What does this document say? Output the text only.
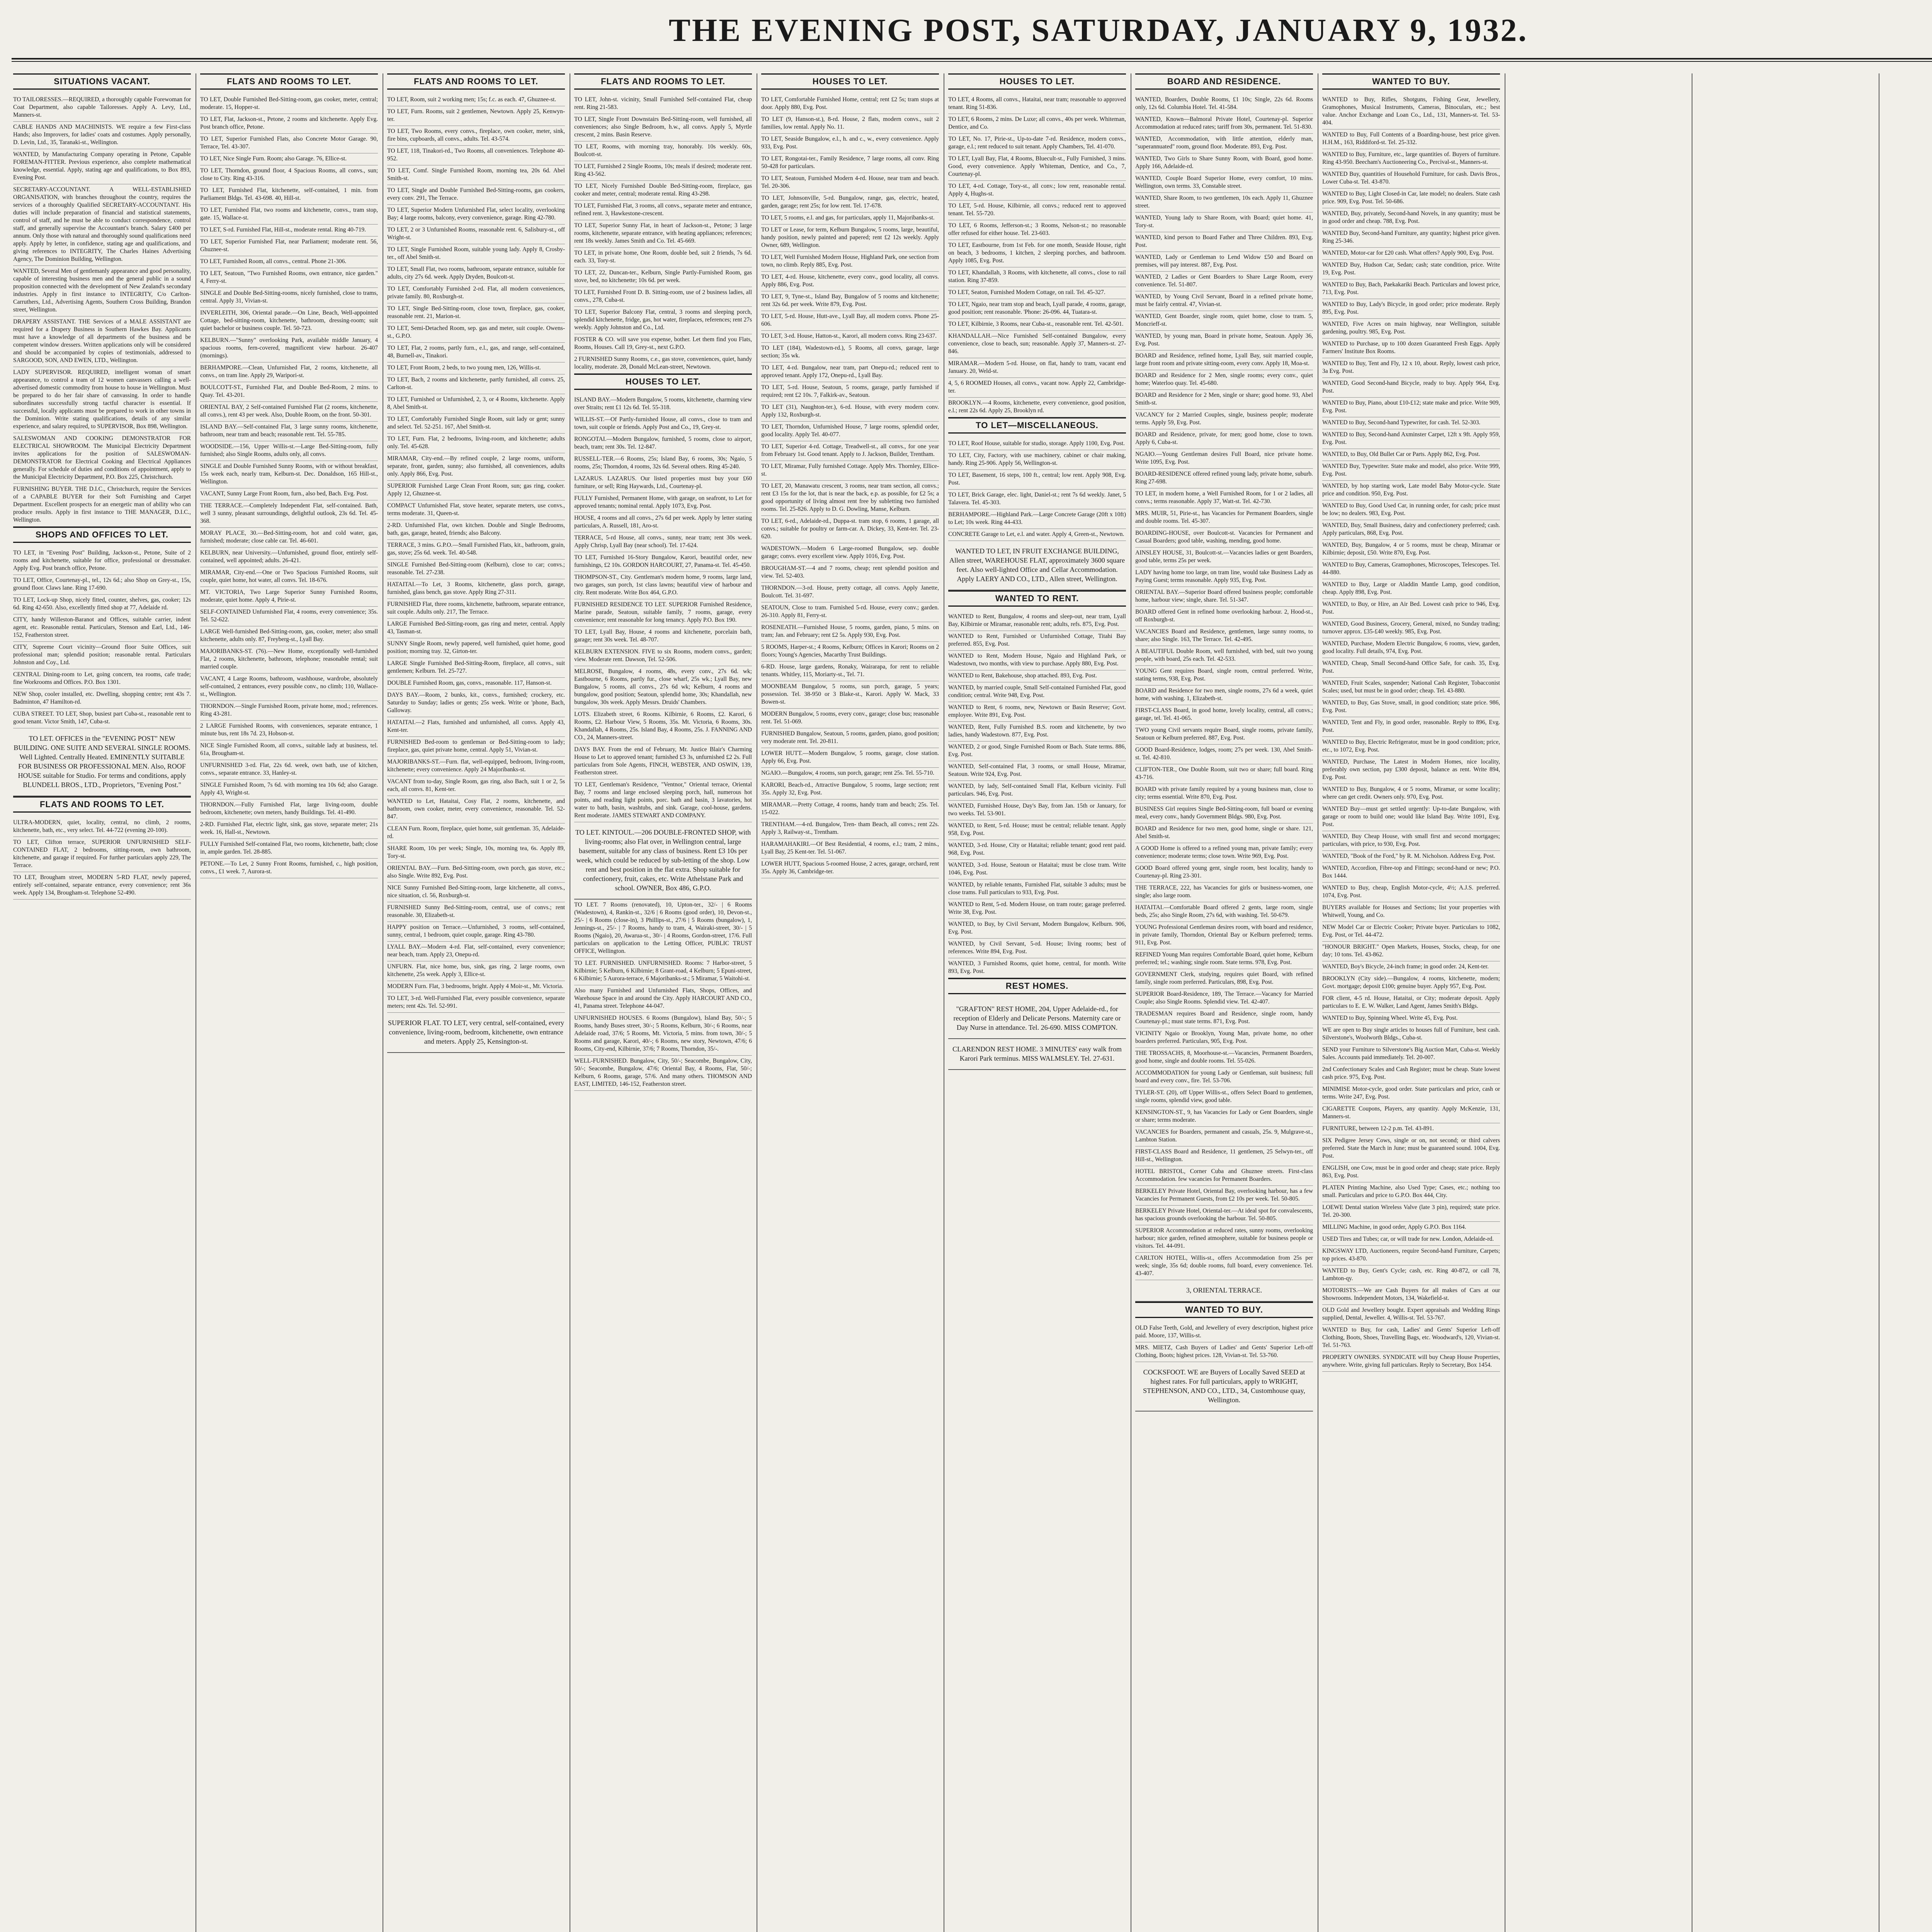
THE EVENING POST, SATURDAY, JANUARY 9, 1932.
SITUATIONS VACANT.

TO TAILORESSES.—REQUIRED, a thoroughly capable Forewoman for Coat Department, also capable Tailoresses. Apply A. Levy, Ltd., Manners-st.

CABLE HANDS AND MACHINISTS. WE require a few First-class Hands; also Improvers, for ladies' coats and costumes. Apply personally, D. Levin, Ltd., 35, Taranaki-st., Wellington.

WANTED, by Manufacturing Company operating in Petone, Capable FOREMAN-FITTER. Previous experience, also complete mathematical knowledge, essential. Apply, stating age and qualifications, to Box 893, Evening Post.

SECRETARY-ACCOUNTANT. A WELL-ESTABLISHED ORGANISATION, with branches throughout the country, requires the services of a thoroughly Qualified SECRETARY-ACCOUNTANT. His duties will include preparation of financial and statistical statements, control of staff, and he must be able to conduct correspondence, control staff, and generally supervise the Accountant's branch. Salary £400 per annum. Only those with natural and thoroughly sound qualifications need apply. Apply by letter, in confidence, stating age and qualifications, and giving references to INTEGRITY, The Charles Haines Advertising Agency, The Dominion Building, Wellington.

WANTED, Several Men of gentlemanly appearance and good personality, capable of interesting business men and the general public in a sound proposition connected with the development of New Zealand's secondary industries. Apply in first instance to INTEGRITY, C/o Carlton-Carruthers, Ltd., Advertising Agents, Southern Cross Building, Brandon street, Wellington.

DRAPERY ASSISTANT. THE Services of a MALE ASSISTANT are required for a Drapery Business in Southern Hawkes Bay. Applicants must have a knowledge of all departments of the business and be competent window dressers. Written applications only will be considered and should be accompanied by copies of testimonials, addressed to SARGOOD, SON, AND EWEN, LTD., Wellington.

LADY SUPERVISOR. REQUIRED, intelligent woman of smart appearance, to control a team of 12 women canvassers calling a well-advertised domestic commodity from house to house in Wellington. Must be prepared to do her fair share of canvassing. In order to handle subordinates successfully strong tactful character is essential. If successful, locally applicants must be prepared to work in other towns in the Dominion. Write stating qualifications, details of any similar experience, and salary required, to SUPERVISOR, Box 898, Wellington.

SALESWOMAN AND COOKING DEMONSTRATOR FOR ELECTRICAL SHOWROOM. The Municipal Electricity Department invites applications for the position of SALESWOMAN-DEMONSTRATOR for Electrical Cooking and Electrical Appliances generally. For schedule of duties and conditions of appointment, apply to the Municipal Electricity Department, P.O. Box 225, Christchurch.

FURNISHING BUYER. THE D.I.C., Christchurch, require the Services of a CAPABLE BUYER for their Soft Furnishing and Carpet Department. Excellent prospects for an energetic man of ability who can produce results. Apply in first instance to THE MANAGER, D.I.C., Wellington.

SHOPS AND OFFICES TO LET.

TO LET, in "Evening Post" Building, Jackson-st., Petone, Suite of 2 rooms and kitchenette, suitable for office, professional or dressmaker. Apply Evg. Post branch office, Petone.

TO LET, Office, Courtenay-pl., tel., 12s 6d.; also Shop on Grey-st., 15s, ground floor. Claws lane. Ring 17-690.

TO LET, Lock-up Shop, nicely fitted, counter, shelves, gas, cooker; 12s 6d. Ring 42-650. Also, excellently fitted shop at 77, Adelaide rd.

CITY, handy Willeston-Baranot and Offices, suitable carrier, indent agent, etc. Reasonable rental. Particulars, Stenson and Earl, Ltd., 146-152, Featherston street.

CITY, Supreme Court vicinity—Ground floor Suite Offices, suit professional man; splendid position; reasonable rental. Particulars Johnston and Coy., Ltd.

CENTRAL Dining-room to Let, going concern, tea rooms, cafe trade; fine Workrooms and Offices. P.O. Box 1301.

NEW Shop, cooler installed, etc. Dwelling, shopping centre; rent 43s 7. Badminton, 47 Hamilton-rd.

CUBA STREET. TO LET, Shop, busiest part Cuba-st., reasonable rent to good tenant. Victor Smith, 147, Cuba-st.

TO LET. OFFICES in the "EVENING POST" NEW BUILDING. ONE SUITE AND SEVERAL SINGLE ROOMS. Well Lighted. Centrally Heated. EMINENTLY SUITABLE FOR BUSINESS OR PROFESSIONAL MEN. Also, ROOF HOUSE suitable for Studio. For terms and conditions, apply BLUNDELL BROS., LTD., Proprietors, "Evening Post."

FLATS AND ROOMS TO LET.

ULTRA-MODERN, quiet, locality, central, no climb, 2 rooms, kitchenette, bath, etc., very select. Tel. 44-722 (evening 20-100).

TO LET, Clifton terrace, SUPERIOR UNFURNISHED SELF-CONTAINED FLAT, 2 bedrooms, sitting-room, own bathroom, kitchenette, and garage if required. For further particulars apply 229, The Terrace.

TO LET, Brougham street, MODERN 5-RD FLAT, newly papered, entirely self-contained, separate entrance, every convenience; rent 36s week. Apply 134, Brougham-st. Telephone 52-490.

FLATS AND ROOMS TO LET.

TO LET, Double Furnished Bed-Sitting-room, gas cooker, meter, central; moderate. 15, Hopper-st.

TO LET, Flat, Jackson-st., Petone, 2 rooms and kitchenette. Apply Evg. Post branch office, Petone.

TO LET, Superior Furnished Flats, also Concrete Motor Garage. 90, Terrace, Tel. 43-307.

TO LET, Nice Single Furn. Room; also Garage. 76, Ellice-st.

TO LET, Thorndon, ground floor, 4 Spacious Rooms, all convs., sun; close to City. Ring 43-316.

TO LET, Furnished Flat, kitchenette, self-contained, 1 min. from Parliament Bldgs. Tel. 43-698. 40, Hill-st.

TO LET, Furnished Flat, two rooms and kitchenette, convs., tram stop, gate. 15, Wallace-st.

TO LET, S-rd. Furnished Flat, Hill-st., moderate rental. Ring 40-719.

TO LET, Superior Furnished Flat, near Parliament; moderate rent. 56, Ghuznee-st.

TO LET, Furnished Room, all convs., central. Phone 21-306.

TO LET, Seatoun, "Two Furnished Rooms, own entrance, nice garden." 4, Ferry-st.

SINGLE and Double Bed-Sitting-rooms, nicely furnished, close to trams, central. Apply 31, Vivian-st.

INVERLEITH, 306, Oriental parade.—On Line, Beach, Well-appointed Cottage, bed-sitting-room, kitchenette, bathroom, dressing-room; suit quiet bachelor or business couple. Tel. 50-723.

KELBURN.—"Sunny" overlooking Park, available middle January, 4 spacious rooms, fern-covered, magnificent view harbour. 26-407 (mornings).

BERHAMPORE.—Clean, Unfurnished Flat, 2 rooms, kitchenette, all convs., on tram line. Apply 29, Waripori-st.

BOULCOTT-ST., Furnished Flat, and Double Bed-Room, 2 mins. to Quay. Tel. 43-201.

ORIENTAL BAY, 2 Self-contained Furnished Flat (2 rooms, kitchenette, all convs.), rent 43 per week. Also, Double Room, on the front. 50-301.

ISLAND BAY.—Self-contained Flat, 3 large sunny rooms, kitchenette, bathroom, near tram and beach; reasonable rent. Tel. 55-785.

WOODSIDE.—156, Upper Willis-st.—Large Bed-Sitting-room, fully furnished; also Single Rooms, adults only, all convs.

SINGLE and Double Furnished Sunny Rooms, with or without breakfast, 15s week each, nearly tram, Kelburn-st. Dec. Donaldson, 165 Hill-st., Wellington.

VACANT, Sunny Large Front Room, furn., also bed, Bach. Evg. Post.

THE TERRACE.—Completely Independent Flat, self-contained. Bath, well 3 sunny, pleasant surroundings, delightful outlook, 23s 6d. Tel. 45-368.

MORAY PLACE, 30.—Bed-Sitting-room, hot and cold water, gas, furnished; moderate; close cable car. Tel. 46-601.

KELBURN, near University.—Unfurnished, ground floor, entirely self-contained, well appointed; adults. 26-421.

MIRAMAR, City-end.—One or Two Spacious Furnished Rooms, suit couple, quiet home, hot water, all convs. Tel. 18-676.

MT. VICTORIA, Two Large Superior Sunny Furnished Rooms, moderate, quiet home. Apply 4, Pirie-st.

SELF-CONTAINED Unfurnished Flat, 4 rooms, every convenience; 35s. Tel. 52-622.

LARGE Well-furnished Bed-Sitting-room, gas, cooker, meter; also small kitchenette, adults only. 87, Freyberg-st., Lyall Bay.

MAJORIBANKS-ST. (76).—New Home, exceptionally well-furnished Flat, 2 rooms, kitchenette, bathroom, telephone; reasonable rental; suit married couple.

VACANT, 4 Large Rooms, bathroom, washhouse, wardrobe, absolutely self-contained, 2 entrances, every possible conv., no climb; 110, Wallace-st., Wellington.

THORNDON.—Single Furnished Room, private home, mod.; references. Ring 43-281.

2 LARGE Furnished Rooms, with conveniences, separate entrance, 1 minute bus, rent 18s 7d. 23, Hobson-st.

NICE Single Furnished Room, all convs., suitable lady at business, tel. 61a, Brougham-st.

UNFURNISHED 3-rd. Flat, 22s 6d. week, own bath, use of kitchen, convs., separate entrance. 33, Hanley-st.

SINGLE Furnished Room, 7s 6d. with morning tea 10s 6d; also Garage. Apply 43, Wright-st.

THORNDON.—Fully Furnished Flat, large living-room, double bedroom, kitchenette; own meters, handy Buildings. Tel. 41-490.

2-RD. Furnished Flat, electric light, sink, gas stove, separate meter; 21s week. 16, Hall-st., Newtown.

FULLY Furnished Self-contained Flat, two rooms, kitchenette, bath; close in, ample garden. Tel. 28-885.

PETONE.—To Let, 2 Sunny Front Rooms, furnished, c., high position, convs., £1 week. 7, Aurora-st.

FLATS AND ROOMS TO LET.

TO LET, Room, suit 2 working men; 15s; f.c. as each. 47, Ghuznee-st.

TO LET, Furn. Rooms, suit 2 gentlemen, Newtown. Apply 25, Kenwyn-ter.

TO LET, Two Rooms, every convs., fireplace, own cooker, meter, sink, fire bins, cupboards, all convs., adults. Tel. 43-574.

TO LET, 118, Tinakori-rd., Two Rooms, all conveniences. Telephone 40-952.

TO LET, Comf. Single Furnished Room, morning tea, 20s 6d. Abel Smith-st.

TO LET, Single and Double Furnished Bed-Sitting-rooms, gas cookers, every conv. 291, The Terrace.

TO LET, Superior Modern Unfurnished Flat, select locality, overlooking Bay; 4 large rooms, balcony, every convenience, garage. Ring 42-780.

TO LET, 2 or 3 Unfurnished Rooms, reasonable rent. 6, Salisbury-st., off Wright-st.

TO LET, Single Furnished Room, suitable young lady. Apply 8, Crosby-ter., off Abel Smith-st.

TO LET, Small Flat, two rooms, bathroom, separate entrance, suitable for adults, city 27s 6d. week. Apply Dryden, Boulcott-st.

TO LET, Comfortably Furnished 2-rd. Flat, all modern conveniences, private family. 80, Roxburgh-st.

TO LET, Single Bed-Sitting-room, close town, fireplace, gas, cooker, reasonable rent. 21, Marion-st.

TO LET, Semi-Detached Room, sep. gas and meter, suit couple. Owens-st., G.P.O.

TO LET, Flat, 2 rooms, partly furn., e.l., gas, and range, self-contained, 48, Burnell-av., Tinakori.

TO LET, Front Room, 2 beds, to two young men, 126, Willis-st.

TO LET, Bach, 2 rooms and kitchenette, partly furnished, all convs. 25, Carlton-st.

TO LET, Furnished or Unfurnished, 2, 3, or 4 Rooms, kitchenette. Apply 8, Abel Smith-st.

TO LET, Comfortably Furnished Single Room, suit lady or gent; sunny and select. Tel. 52-251. 167, Abel Smith-st.

TO LET, Furn. Flat, 2 bedrooms, living-room, and kitchenette; adults only. Tel. 45-628.

MIRAMAR, City-end.—By refined couple, 2 large rooms, uniform, separate, front, garden, sunny; also furnished, all conveniences, adults only. Apply 866, Evg. Post.

SUPERIOR Furnished Large Clean Front Room, sun; gas ring, cooker. Apply 12, Ghuznee-st.

COMPACT Unfurnished Flat, stove heater, separate meters, use convs., terms moderate. 31, Queen-st.

2-RD. Unfurnished Flat, own kitchen. Double and Single Bedrooms, bath, gas, garage, heated, friends; also Balcony.

TERRACE, 3 mins. G.P.O.—Small Furnished Flats, kit., bathroom, grain, gas, stove; 25s 6d. week. Tel. 40-548.

SINGLE Furnished Bed-Sitting-room (Kelburn), close to car; convs.; reasonable. Tel. 27-238.

HATAITAI.—To Let, 3 Rooms, kitchenette, glass porch, garage, furnished, glass bench, gas stove. Apply Ring 27-311.

FURNISHED Flat, three rooms, kitchenette, bathroom, separate entrance, suit couple. Adults only. 217, The Terrace.

LARGE Furnished Bed-Sitting-room, gas ring and meter, central. Apply 43, Tasman-st.

SUNNY Single Room, newly papered, well furnished, quiet home, good position; morning tray. 32, Girton-ter.

LARGE Single Furnished Bed-Sitting-Room, fireplace, all convs., suit gentlemen; Kelburn. Tel. 25-727.

DOUBLE Furnished Room, gas, convs., reasonable. 117, Hanson-st.

DAYS BAY.—Room, 2 bunks, kit., convs., furnished; crockery, etc. Saturday to Sunday; ladies or gents; 25s week. Write or 'phone, Bach, Galloway.

HATAITAI.—2 Flats, furnished and unfurnished, all convs. Apply 43, Kent-ter.

FURNISHED Bed-room to gentleman or Bed-Sitting-room to lady; fireplace, gas, quiet private home, central. Apply 51, Vivian-st.

MAJORIBANKS-ST.—Furn. flat, well-equipped, bedroom, living-room, kitchenette; every convenience. Apply 24 Majoribanks-st.

VACANT from to-day, Single Room, gas ring, also Bach, suit 1 or 2, 5s each, all convs. 81, Kent-ter.

WANTED to Let, Hataitai, Cosy Flat, 2 rooms, kitchenette, and bathroom, own cooker, meter, every convenience, reasonable. Tel. 52-847.

CLEAN Furn. Room, fireplace, quiet home, suit gentleman. 35, Adelaide-rd.

SHARE Room, 10s per week; Single, 10s, morning tea, 6s. Apply 89, Tory-st.

ORIENTAL BAY.—Furn. Bed-Sitting-room, own porch, gas stove, etc.; also Single. Write 892, Evg. Post.

NICE Sunny Furnished Bed-Sitting-room, large kitchenette, all convs., nice situation, cl. 56, Roxburgh-st.

FURNISHED Sunny Bed-Sitting-room, central, use of convs.; rent reasonable. 30, Elizabeth-st.

HAPPY position on Terrace.—Unfurnished, 3 rooms, self-contained, sunny, central, 1 bedroom, quiet couple, garage. Ring 43-780.

LYALL BAY.—Modern 4-rd. Flat, self-contained, every convenience; near beach, tram. Apply 23, Onepu-rd.

UNFURN. Flat, nice home, bus, sink, gas ring, 2 large rooms, own kitchenette, 25s week. Apply 3, Ellice-st.

MODERN Furn. Flat, 3 bedrooms, bright. Apply 4 Moir-st., Mt. Victoria.

TO LET, 3-rd. Well-Furnished Flat, every possible convenience, separate meters; rent 42s. Tel. 52-991.

SUPERIOR FLAT. TO LET, very central, self-contained, every convenience, living-room, bedroom, kitchenette, own entrance and meters. Apply 25, Kensington-st.

FLATS AND ROOMS TO LET.

TO LET, John-st. vicinity, Small Furnished Self-contained Flat, cheap rent. Ring 21-583.

TO LET, Single Front Downstairs Bed-Sitting-room, well furnished, all conveniences; also Single Bedroom, h.w., all convs. Apply 5, Myrtle crescent, 2 mins. Basin Reserve.

TO LET, Rooms, with morning tray, honorably. 10s weekly. 60s, Boulcott-st.

TO LET, Furnished 2 Single Rooms, 10s; meals if desired; moderate rent. Ring 43-562.

TO LET, Nicely Furnished Double Bed-Sitting-room, fireplace, gas cooker and meter, central; moderate rental. Ring 43-298.

TO LET, Furnished Flat, 3 rooms, all convs., separate meter and entrance, refined rent. 3, Hawkestone-crescent.

TO LET, Superior Sunny Flat, in heart of Jackson-st., Petone; 3 large rooms, kitchenette, separate entrance, with heating appliances; references; rent 18s weekly. James Smith and Co. Tel. 45-669.

TO LET, in private home, One Room, double bed, suit 2 friends, 7s 6d. each. 33, Tory-st.

TO LET, 22, Duncan-ter., Kelburn, Single Partly-Furnished Room, gas stove, bed, no kitchenette; 10s 6d. per week.

TO LET, Furnished Front D. B. Sitting-room, use of 2 business ladies, all convs., 278, Cuba-st.

TO LET, Superior Balcony Flat, central, 3 rooms and sleeping porch, splendid kitchenette, fridge, gas, hot water, fireplaces, references; rent 27s weekly. Apply Johnston and Co., Ltd.

FOSTER & CO. will save you expense, bother. Let them find you Flats, Rooms, Houses. Call 19, Grey-st., next G.P.O.

2 FURNISHED Sunny Rooms, c.e., gas stove, conveniences, quiet, handy locality, moderate. 28, Donald McLean-street, Newtown.

HOUSES TO LET.

ISLAND BAY.—Modern Bungalow, 5 rooms, kitchenette, charming view over Straits; rent £1 12s 6d. Tel. 55-318.

WILLIS-ST.—Of Partly-furnished House, all convs., close to tram and town, suit couple or friends. Apply Post and Co., 19, Grey-st.

RONGOTAI.—Modern Bungalow, furnished, 5 rooms, close to airport, beach, tram; rent 30s. Tel. 12-847.

RUSSELL-TER.—6 Rooms, 25s; Island Bay, 6 rooms, 30s; Ngaio, 5 rooms, 25s; Thorndon, 4 rooms, 32s 6d. Several others. Ring 45-240.

LAZARUS. LAZARUS. Our listed properties must buy your £60 furniture, or sell; Ring Haywards, Ltd., Courtenay-pl.

FULLY Furnished, Permanent Home, with garage, on seafront, to Let for approved tenants; nominal rental. Apply 1073, Evg. Post.

HOUSE, 4 rooms and all convs., 27s 6d per week. Apply by letter stating particulars, A. Russell, 181, Aro-st.

TERRACE, 5-rd House, all convs., sunny, near tram; rent 30s week. Apply Chrisp, Lyall Bay (near school). Tel. 17-624.

TO LET, Furnished 16-Story Bungalow, Karori, beautiful order, new furnishings, £2 10s. GORDON HARCOURT, 27, Panama-st. Tel. 45-450.

THOMPSON-ST., City. Gentleman's modern home, 9 rooms, large land, two garages, sun porch, 1st class lawns; beautiful view of harbour and city. Rent moderate. Write Box 464, G.P.O.

FURNISHED RESIDENCE TO LET. SUPERIOR Furnished Residence, Marine parade, Seatoun, suitable family, 7 rooms, garage, every convenience; rent reasonable for long tenancy. Apply P.O. Box 190.

TO LET, Lyall Bay, House, 4 rooms and kitchenette, porcelain bath, garage; rent 30s week. Tel. 48-707.

KELBURN EXTENSION. FIVE to six Rooms, modern convs., garden; view. Moderate rent. Dawson, Tel. 52-506.

MELROSE, Bungalow, 4 rooms, 48s, every conv., 27s 6d. wk; Eastbourne, 6 Rooms, partly fur., close wharf, 25s wk.; Lyall Bay, new Bungalow, 5 rooms, all convs., 27s 6d wk; Kelburn, 4 rooms and bungalow, good position; Seatoun, splendid home, 30s; Khandallah, new bungalow, 30s week. Apply Messrs. Druids' Chambers.

LOTS. Elizabeth street, 6 Rooms. Kilbirnie, 6 Rooms, £2. Karori, 6 Rooms, £2. Harbour View, 5 Rooms, 35s. Mt. Victoria, 6 Rooms, 30s. Khandallah, 4 Rooms, 25s. Island Bay, 4 Rooms, 25s. J. FANNING AND CO., 24, Manners-street.

DAYS BAY. From the end of February, Mr. Justice Blair's Charming House to Let to approved tenant; furnished £3 3s, unfurnished £2 2s. Full particulars from Sole Agents, FINCH, WEBSTER, AND OSWIN, 139, Featherston street.

TO LET, Gentleman's Residence, "Ventnor," Oriental terrace, Oriental Bay, 7 rooms and large enclosed sleeping porch, hall, numerous hot points, and reading light points, porc. bath and basin, 3 lavatories, hot water to bath, basin, washtubs, and sink. Garage, cool-house, gardens. Rent moderate. JAMES STEWART AND COMPANY.

TO LET. KINTOUL.—206 DOUBLE-FRONTED SHOP, with living-rooms; also Flat over, in Wellington central, large basement, suitable for any class of business. Rent £3 10s per week, which could be reduced by sub-letting of the shop. Low rent and best position in the flat extra. Shop suitable for confectionery, fruit, cakes, etc. Write Athelstane Park and school. OWNER, Box 486, G.P.O.

TO LET. 7 Rooms (renovated), 10, Upton-ter., 32/- | 6 Rooms (Wadestown), 4, Rankin-st., 32/6 | 6 Rooms (good order), 10, Devon-st., 25/- | 6 Rooms (close-in), 3 Phillips-st., 27/6 | 5 Rooms (bungalow), 1, Jennings-st., 25/- | 7 Rooms, handy to tram, 4, Wairaki-street, 30/- | 5 Rooms (Ngaio), 20, Awarua-st., 30/- | 4 Rooms, Gordon-street, 17/6. Full particulars on application to the Letting Officer, PUBLIC TRUST OFFICE, Wellington.

TO LET. FURNISHED. UNFURNISHED. Rooms: 7 Harbor-street, 5 Kilbirnie; 5 Kelburn, 6 Kilbirnie; 8 Grant-road, 4 Kelburn; 5 Epuni-street, 6 Kilbirnie; 5 Aurora-terrace, 6 Majoribanks-st.; 5 Miramar, 5 Waitohi-st.

Also many Furnished and Unfurnished Flats, Shops, Offices, and Warehouse Space in and around the City. Apply HARCOURT AND CO., 41, Panama street. Telephone 44-047.

UNFURNISHED HOUSES. 6 Rooms (Bungalow), Island Bay, 50/-; 5 Rooms, handy Buses street, 30/-; 5 Rooms, Kelburn, 30/-; 6 Rooms, near Adelaide road, 37/6; 5 Rooms, Mt. Victoria, 5 mins. from town, 30/-; 5 Rooms and garage, Karori, 40/-; 6 Rooms, new story, Newtown, 47/6; 6 Rooms, City-end, Kilbirnie, 37/6; 7 Rooms, Thorndon, 35/-.

WELL-FURNISHED. Bungalow, City, 50/-; Seacombe, Bungalow, City, 50/-; Seacombe, Bungalow, 47/6; Oriental Bay, 4 Rooms, Flat, 50/-; Kelburn, 6 Rooms, garage, 57/6. And many others. THOMSON AND EAST, LIMITED, 146-152, Featherston street.

HOUSES TO LET.

TO LET, Comfortable Furnished Home, central; rent £2 5s; tram stops at door. Apply 880, Evg. Post.

TO LET (9, Hanson-st.), 8-rd. House, 2 flats, modern convs., suit 2 families, low rental. Apply No. 11.

TO LET, Seaside Bungalow, e.l., h. and c., w., every convenience. Apply 933, Evg. Post.

TO LET, Rongotai-ter., Family Residence, 7 large rooms, all conv. Ring 50-428 for particulars.

TO LET, Seatoun, Furnished Modern 4-rd. House, near tram and beach. Tel. 20-306.

TO LET, Johnsonville, 5-rd. Bungalow, range, gas, electric, heated, garden, garage; rent 25s; for low rent. Tel. 17-678.

TO LET, 5 rooms, e.l. and gas, for particulars, apply 11, Majoribanks-st.

TO LET or Lease, for term, Kelburn Bungalow, 5 rooms, large, beautiful, handy position, newly painted and papered; rent £2 12s weekly. Apply Owner, 689, Wellington.

TO LET, Well Furnished Modern House, Highland Park, one section from town, no climb. Reply 885, Evg. Post.

TO LET, 4-rd. House, kitchenette, every conv., good locality, all convs. Apply 886, Evg. Post.

TO LET, 9, Tyne-st., Island Bay, Bungalow of 5 rooms and kitchenette; rent 32s 6d. per week. Write 879, Evg. Post.

TO LET, 5-rd. House, Hutt-ave., Lyall Bay, all modern convs. Phone 25-606.

TO LET, 3-rd. House, Hatton-st., Karori, all modern convs. Ring 23-637.

TO LET (184), Wadestown-rd.), 5 Rooms, all convs, garage, large section; 35s wk.

TO LET, 4-rd. Bungalow, near tram, part Onepu-rd.; reduced rent to approved tenant. Apply 172, Onepu-rd., Lyall Bay.

TO LET, 5-rd. House, Seatoun, 5 rooms, garage, partly furnished if required; rent £2 10s. 7, Falkirk-av., Seatoun.

TO LET (31), Naughton-ter.), 6-rd. House, with every modern conv. Apply 132, Roxburgh-st.

TO LET, Thorndon, Unfurnished House, 7 large rooms, splendid order, good locality. Apply Tel. 40-077.

TO LET, Superior 4-rd. Cottage, Treadwell-st., all convs., for one year from February 1st. Good tenant. Apply to J. Jackson, Builder, Trentham.

TO LET, Miramar, Fully furnished Cottage. Apply Mrs. Thornley, Ellice-st.

TO LET, 20, Manawatu crescent, 3 rooms, near tram section, all convs.; rent £3 15s for the lot, that is near the back, e.p. as possible, for £2 5s; a good opportunity of living almost rent free by subletting two furnished rooms. Tel. 25-826. Apply to D. G. Dowling, Manse, Kelburn.

TO LET, 6-rd., Adelaide-rd., Duppa-st. tram stop, 6 rooms, 1 garage, all convs.; suitable for poultry or farm-car. A. Dickey, 33, Kent-ter. Tel. 23-620.

WADESTOWN.—Modern 6 Large-roomed Bungalow, sep. double garage; convs. every excellent view. Apply 1016, Evg. Post.

BROUGHAM-ST.—4 and 7 rooms, cheap; rent splendid position and view. Tel. 52-403.

THORNDON.—3-rd. House, pretty cottage, all convs. Apply Janette, Boulcott. Tel. 31-697.

SEATOUN, Close to tram. Furnished 5-rd. House, every conv.; garden. 26-310. Apply 81, Ferry-st.

ROSENEATH.—Furnished House, 5 rooms, garden, piano, 5 mins. on tram; Jan. and February; rent £2 5s. Apply 930, Evg. Post.

5 ROOMS, Harper-st.; 4 Rooms, Kelburn; Offices in Karori; Rooms on 2 floors; Young's Agencies, Macarthy Trust Buildings.

6-RD. House, large gardens, Ronaky, Wairarapa, for rent to reliable tenants. Whitley, 115, Moriarty-st., Tel. 71.

MOONBEAM Bungalow, 5 rooms, sun porch, garage, 5 years; possession. Tel. 38-950 or 3 Blake-st., Karori. Apply W. Mack, 33 Bowen-st.

MODERN Bungalow, 5 rooms, every conv., garage; close bus; reasonable rent. Tel. 51-069.

FURNISHED Bungalow, Seatoun, 5 rooms, garden, piano, good position; very moderate rent. Tel. 20-811.

LOWER HUTT.—Modern Bungalow, 5 rooms, garage, close station. Apply 66, Evg. Post.

NGAIO.—Bungalow, 4 rooms, sun porch, garage; rent 25s. Tel. 55-710.

KARORI, Beach-rd., Attractive Bungalow, 5 rooms, large section; rent 35s. Apply 32, Evg. Post.

MIRAMAR.—Pretty Cottage, 4 rooms, handy tram and beach; 25s. Tel. 15-022.

TRENTHAM.—4-rd. Bungalow, Tren- tham Beach, all convs.; rent 22s. Apply 3, Railway-st., Trentham.

HARAMAHAKIRI.—Of Best Residential, 4 rooms, e.l.; tram, 2 mins., Lyall Bay, 25 Kent-ter. Tel. 51-067.

LOWER HUTT, Spacious 5-roomed House, 2 acres, garage, orchard, rent 35s. Apply 36, Cambridge-ter.

HOUSES TO LET.

TO LET, 4 Rooms, all convs., Hataitai, near tram; reasonable to approved tenant. Ring 51-836.

TO LET, 6 Rooms, 2 mins. De Luxe; all convs., 40s per week. Whiteman, Dentice, and Co.

TO LET, No. 17, Pirie-st., Up-to-date 7-rd. Residence, modern convs., garage, e.l.; rent reduced to suit tenant. Apply Chambers, Tel. 41-070.

TO LET, Lyall Bay, Flat, 4 Rooms, Bluecult-st., Fully Furnished, 3 mins. Good, every convenience. Apply Whiteman, Dentice, and Co., 7, Courtenay-pl.

TO LET, 4-rd. Cottage, Tory-st., all conv.; low rent, reasonable rental. Apply 4, Hughs-st.

TO LET, 5-rd. House, Kilbirnie, all convs.; reduced rent to approved tenant. Tel. 55-720.

TO LET, 6 Rooms, Jefferson-st.; 3 Rooms, Nelson-st.; no reasonable offer refused for either house. Tel. 23-603.

TO LET, Eastbourne, from 1st Feb. for one month, Seaside House, right on beach, 3 bedrooms, 1 kitchen, 2 sleeping porches, and bathroom. Apply 1085, Evg. Post.

TO LET, Khandallah, 3 Rooms, with kitchenette, all convs., close to rail station. Ring 37-859.

TO LET, Seaton, Furnished Modern Cottage, on rail. Tel. 45-327.

TO LET, Ngaio, near tram stop and beach, Lyall parade, 4 rooms, garage, good position; rent reasonable. 'Phone: 26-096. 44, Tuatara-st.

TO LET, Kilbirnie, 3 Rooms, near Cuba-st., reasonable rent. Tel. 42-501.

KHANDALLAH.—Nice Furnished Self-contained Bungalow, every convenience, close to beach, sun; reasonable. Apply 37, Manners-st. 27-846.

MIRAMAR.—Modern 5-rd. House, on flat, handy to tram, vacant end January. 20, Weld-st.

4, 5, 6 ROOMED Houses, all convs., vacant now. Apply 22, Cambridge-ter.

BROOKLYN.—4 Rooms, kitchenette, every convenience, good position, e.l.; rent 22s 6d. Apply 25, Brooklyn rd.

TO LET—MISCELLANEOUS.

TO LET, Roof House, suitable for studio, storage. Apply 1100, Evg. Post.

TO LET, City, Factory, with use machinery, cabinet or chair making, handy. Ring 25-906. Apply 56, Wellington-st.

TO LET, Basement, 16 steps, 100 ft., central; low rent. Apply 908, Evg. Post.

TO LET, Brick Garage, elec. light, Daniel-st.; rent 7s 6d weekly. Janet, 5 Talavera. Tel. 45-303.

BERHAMPORE.—Highland Park.—Large Concrete Garage (20ft x 10ft) to Let; 10s week. Ring 44-433.

CONCRETE Garage to Let, e.l. and water. Apply 4, Green-st., Newtown.

WANTED TO LET, IN FRUIT EXCHANGE BUILDING, Allen street, WAREHOUSE FLAT, approximately 3600 square feet. Also well-lighted Office and Cellar Accommodation. Apply LAERY AND CO., LTD., Allen street, Wellington.

WANTED TO RENT.

WANTED to Rent, Bungalow, 4 rooms and sleep-out, near tram, Lyall Bay, Kilbirnie or Miramar, reasonable rent; adults, refs. 875, Evg. Post.

WANTED to Rent, Furnished or Unfurnished Cottage, Titahi Bay preferred. 855, Evg. Post.

WANTED to Rent, Modern House, Ngaio and Highland Park, or Wadestown, two months, with view to purchase. Apply 880, Evg. Post.

WANTED to Rent, Bakehouse, shop attached. 893, Evg. Post.

WANTED, by married couple, Small Self-contained Furnished Flat, good condition; central. Write 948, Evg. Post.

WANTED to Rent, 6 rooms, new, Newtown or Basin Reserve; Govt. employee. Write 891, Evg. Post.

WANTED, Rent, Fully Furnished B.S. room and kitchenette, by two ladies, handy Wadestown. 877, Evg. Post.

WANTED, 2 or good, Single Furnished Room or Bach. State terms. 886, Evg. Post.

WANTED, Self-contained Flat, 3 rooms, or small House, Miramar, Seatoun. Write 924, Evg. Post.

WANTED, by lady, Self-contained Small Flat, Kelburn vicinity. Full particulars. 946, Evg. Post.

WANTED, Furnished House, Day's Bay, from Jan. 15th or January, for two weeks. Tel. 53-901.

WANTED, to Rent, 5-rd. House; must be central; reliable tenant. Apply 958, Evg. Post.

WANTED, 3-rd. House, City or Hataitai; reliable tenant; good rent paid. 968, Evg. Post.

WANTED, 3-rd. House, Seatoun or Hataitai; must be close tram. Write 1046, Evg. Post.

WANTED, by reliable tenants, Furnished Flat, suitable 3 adults; must be close trams. Full particulars to 933, Evg. Post.

WANTED to Rent, 5-rd. Modern House, on tram route; garage preferred. Write 38, Evg. Post.

WANTED, to Buy, by Civil Servant, Modern Bungalow, Kelburn. 906, Evg. Post.

WANTED, by Civil Servant, 5-rd. House; living rooms; best of references. Write 894, Evg. Post.

WANTED, 3 Furnished Rooms, quiet home, central, for month. Write 893, Evg. Post.

REST HOMES.

"GRAFTON" REST HOME, 204, Upper Adelaide-rd., for reception of Elderly and Delicate Persons. Maternity care or Day Nurse in attendance. Tel. 26-690. MISS COMPTON.

CLARENDON REST HOME. 3 MINUTES' easy walk from Karori Park terminus. MISS WALMSLEY. Tel. 27-631.

BOARD AND RESIDENCE.

WANTED, Boarders, Double Rooms, £1 10s; Single, 22s 6d. Rooms only, 12s 6d. Columbia Hotel. Tel. 41-584.

WANTED, Known—Balmoral Private Hotel, Courtenay-pl. Superior Accommodation at reduced rates; tariff from 30s, permanent. Tel. 51-830.

WANTED, Accommodation, with little attention, elderly man, "superannuated" room, ground floor. Moderate. 893, Evg. Post.

WANTED, Two Girls to Share Sunny Room, with Board, good home. Apply 166, Adelaide-rd.

WANTED, Couple Board Superior Home, every comfort, 10 mins. Wellington, own terms. 33, Constable street.

WANTED, Share Room, to two gentlemen, 10s each. Apply 11, Ghuznee street.

WANTED, Young lady to Share Room, with Board; quiet home. 41, Tory-st.

WANTED, kind person to Board Father and Three Children. 893, Evg. Post.

WANTED, Lady or Gentleman to Lend Widow £50 and Board on premises, will pay interest. 887, Evg. Post.

WANTED, 2 Ladies or Gent Boarders to Share Large Room, every convenience. Tel. 51-807.

WANTED, by Young Civil Servant, Board in a refined private home, must be fairly central. 47, Vivian-st.

WANTED, Gent Boarder, single room, quiet home, close to tram. 5, Moncrieff-st.

WANTED, by young man, Board in private home, Seatoun. Apply 36, Evg. Post.

BOARD and Residence, refined home, Lyall Bay, suit married couple, large front room and private sitting-room, every conv. Apply 18, Moa-st.

BOARD and Residence for 2 Men, single rooms; every conv., quiet home; Waterloo quay. Tel. 45-680.

BOARD and Residence for 2 Men, single or share; good home. 93, Abel Smith-st.

VACANCY for 2 Married Couples, single, business people; moderate terms. Apply 59, Evg. Post.

BOARD and Residence, private, for men; good home, close to town. Apply 6, Cuba-st.

NGAIO.—Young Gentleman desires Full Board, nice private home. Write 1095, Evg. Post.

BOARD-RESIDENCE offered refined young lady, private home, suburb. Ring 27-698.

TO LET, in modern home, a Well Furnished Room, for 1 or 2 ladies, all convs.; terms reasonable. Apply 37, Watt-st. Tel. 42-730.

MRS. MUIR, 51, Pirie-st., has Vacancies for Permanent Boarders, single and double rooms. Tel. 45-307.

BOARDING-HOUSE, over Boulcott-st. Vacancies for Permanent and Casual Boarders; good table, washing, mending, good home.

AINSLEY HOUSE, 31, Boulcott-st.—Vacancies ladies or gent Boarders, good table, terms 25s per week.

LADY having home too large, on tram line, would take Business Lady as Paying Guest; terms reasonable. Apply 935, Evg. Post.

ORIENTAL BAY.—Superior Board offered business people; comfortable home, harbour view; single, share. Tel. 51-347.

BOARD offered Gent in refined home overlooking harbour. 2, Hood-st., off Roxburgh-st.

VACANCIES Board and Residence, gentlemen, large sunny rooms, to share; also Single. 163, The Terrace. Tel. 42-495.

A BEAUTIFUL Double Room, well furnished, with bed, suit two young people, with board, 25s each. Tel. 42-533.

YOUNG Gent requires Board, single room, central preferred. Write, stating terms, 938, Evg. Post.

BOARD and Residence for two men, single rooms, 27s 6d a week, quiet home, with washing. 1, Elizabeth-st.

FIRST-CLASS Board, in good home, lovely locality, central, all convs.; garage, tel. Tel. 41-065.

TWO young Civil servants require Board, single rooms, private family, Seatoun or Kelburn preferred. 887, Evg. Post.

GOOD Board-Residence, lodges, room; 27s per week. 130, Abel Smith-st. Tel. 42-810.

CLIFTON-TER., One Double Room, suit two or share; full board. Ring 43-716.

BOARD with private family required by a young business man, close to city; terms essential. Write 870, Evg. Post.

BUSINESS Girl requires Single Bed-Sitting-room, full board or evening meal, every conv., handy Government Bldgs. 980, Evg. Post.

BOARD and Residence for two men, good home, single or share. 121, Abel Smith-st.

A GOOD Home is offered to a refined young man, private family; every convenience; moderate terms; close town. Write 969, Evg. Post.

GOOD Board offered young gent, single room, best locality, handy to Courtenay-pl. Ring 23-301.

THE TERRACE, 222, has Vacancies for girls or business-women, one single; also large room.

HATAITAI.—Comfortable Board offered 2 gents, large room, single beds, 25s; also Single Room, 27s 6d, with washing. Tel. 50-679.

YOUNG Professional Gentleman desires room, with board and residence, in private family, Thorndon, Oriental Bay or Kelburn preferred; terms. 911, Evg. Post.

REFINED Young Man requires Comfortable Board, quiet home, Kelburn preferred; tel.; washing; single room. State terms. 978, Evg. Post.

GOVERNMENT Clerk, studying, requires quiet Board, with refined family, single room preferred. Particulars, 898, Evg. Post.

SUPERIOR Board-Residence, 189, The Terrace.—Vacancy for Married Couple; also Single Rooms. Splendid view. Tel. 42-407.

TRADESMAN requires Board and Residence, single room, handy Courtenay-pl.; must state terms. 871, Evg. Post.

VICINITY Ngaio or Brooklyn, Young Man, private home, no other boarders preferred. Particulars, 905, Evg. Post.

THE TROSSACHS, 8, Moorhouse-st.—Vacancies, Permanent Boarders, good home, single and double rooms. Tel. 55-026.

ACCOMMODATION for young Lady or Gentleman, suit business; full board and every conv., fire. Tel. 53-706.

TYLER-ST. (20), off Upper Willis-st., offers Select Board to gentlemen, single rooms, splendid view, good table.

KENSINGTON-ST., 9, has Vacancies for Lady or Gent Boarders, single or share; terms moderate.

VACANCIES for Boarders, permanent and casuals, 25s. 9, Mulgrave-st., Lambton Station.

FIRST-CLASS Board and Residence, 11 gentlemen, 25 Selwyn-ter., off Hill-st., Wellington.

HOTEL BRISTOL, Corner Cuba and Ghuznee streets. First-class Accommodation. few vacancies for Permanent Boarders.

BERKELEY Private Hotel, Oriental Bay, overlooking harbour, has a few Vacancies for Permanent Guests, from £2 10s per week. Tel. 50-805.

BERKELEY Private Hotel, Oriental-ter.—At ideal spot for convalescents, has spacious grounds overlooking the harbour. Tel. 50-805.

SUPERIOR Accommodation at reduced rates, sunny rooms, overlooking harbour; nice garden, refined atmosphere, suitable for business people or visitors. Tel. 44-091.

CARLTON HOTEL, Willis-st., offers Accommodation from 25s per week; single, 35s 6d; double rooms, full board, every convenience. Tel. 43-407.

3, ORIENTAL TERRACE.

WANTED TO BUY.

OLD False Teeth, Gold, and Jewellery of every description, highest price paid. Moore, 137, Willis-st.

MRS. MIETZ, Cash Buyers of Ladies' and Gents' Superior Left-off Clothing, Boots; highest prices. 128, Vivian-st. Tel. 53-760.

COCKSFOOT. WE are Buyers of Locally Saved SEED at highest rates. For full particulars, apply to WRIGHT, STEPHENSON, AND CO., LTD., 34, Customhouse quay, Wellington.

WANTED TO BUY.

WANTED to Buy, Rifles, Shotguns, Fishing Gear, Jewellery, Gramophones, Musical Instruments, Cameras, Binoculars, etc.; best value. Anchor Exchange and Loan Co., Ltd., 131, Manners-st. Tel. 53-404.

WANTED to Buy, Full Contents of a Boarding-house, best price given. H.H.M., 163, Riddiford-st. Tel. 25-332.

WANTED to Buy, Furniture, etc., large quantities of. Buyers of furniture. Ring 43-950. Beecham's Auctioneering Co., Percival-st., Manners-st.

WANTED Buy, quantities of Household Furniture, for cash. Davis Bros., Lower Cuba-st. Tel. 43-870.

WANTED to Buy, Light Closed-in Car, late model; no dealers. State cash price. 909, Evg. Post. Tel. 50-686.

WANTED, Buy, privately, Second-hand Novels, in any quantity; must be in good order and cheap. 788, Evg. Post.

WANTED Buy, Second-hand Furniture, any quantity; highest price given. Ring 25-346.

WANTED, Motor-car for £20 cash. What offers? Apply 900, Evg. Post.

WANTED Buy, Hudson Car, Sedan; cash; state condition, price. Write 19, Evg. Post.

WANTED to Buy, Bach, Paekakariki Beach. Particulars and lowest price, 713, Evg. Post.

WANTED to Buy, Lady's Bicycle, in good order; price moderate. Reply 895, Evg. Post.

WANTED, Five Acres on main highway, near Wellington, suitable gardening, poultry. 985, Evg. Post.

WANTED to Purchase, up to 100 dozen Guaranteed Fresh Eggs. Apply Farmers' Institute Box Rooms.

WANTED to Buy, Tent and Fly, 12 x 10, about. Reply, lowest cash price, 3a Evg. Post.

WANTED, Good Second-hand Bicycle, ready to buy. Apply 964, Evg. Post.

WANTED to Buy, Piano, about £10-£12; state make and price. Write 909, Evg. Post.

WANTED to Buy, Second-hand Typewriter, for cash. Tel. 52-303.

WANTED to Buy, Second-hand Axminster Carpet, 12ft x 9ft. Apply 959, Evg. Post.

WANTED, to Buy, Old Bullet Car or Parts. Apply 862, Evg. Post.

WANTED Buy, Typewriter. State make and model, also price. Write 999, Evg. Post.

WANTED, by hop starting work, Late model Baby Motor-cycle. State price and condition. 950, Evg. Post.

WANTED to Buy, Good Used Car, in running order, for cash; price must be low; no dealers. 983, Evg. Post.

WANTED, Buy, Small Business, dairy and confectionery preferred; cash. Apply particulars, 868, Evg. Post.

WANTED, Buy, Bungalow, 4 or 5 rooms, must be cheap, Miramar or Kilbirnie; deposit, £50. Write 870, Evg. Post.

WANTED to Buy, Cameras, Gramophones, Microscopes, Telescopes. Tel. 44-880.

WANTED to Buy, Large or Aladdin Mantle Lamp, good condition, cheap. Apply 898, Evg. Post.

WANTED, to Buy, or Hire, an Air Bed. Lowest cash price to 946, Evg. Post.

WANTED, Good Business, Grocery, General, mixed, no Sunday trading; turnover approx. £35-£40 weekly. 985, Evg. Post.

WANTED, Purchase, Modern Electric Bungalow, 6 rooms, view, garden, good locality. Full details, 974, Evg. Post.

WANTED, Cheap, Small Second-hand Office Safe, for cash. 35, Evg. Post.

WANTED, Fruit Scales, suspender; National Cash Register, Tobacconist Scales; used, but must be in good order; cheap. Tel. 43-880.

WANTED, to Buy, Gas Stove, small, in good condition; state price. 986, Evg. Post.

WANTED, Tent and Fly, in good order, reasonable. Reply to 896, Evg. Post.

WANTED to Buy, Electric Refrigerator, must be in good condition; price, etc., to 1072, Evg. Post.

WANTED, Purchase, The Latest in Modern Homes, nice locality, preferably own section, pay £300 deposit, balance as rent. Write 894, Evg. Post.

WANTED to Buy, Bungalow, 4 or 5 rooms, Miramar, or some locality; where can get credit. Owners only. 970, Evg. Post.

WANTED Buy—must get settled urgently: Up-to-date Bungalow, with garage or room to build one; would like Island Bay. Write 1091, Evg. Post.

WANTED, Buy Cheap House, with small first and second mortgages; particulars, with price, to 930, Evg. Post.

WANTED, "Book of the Ford," by R. M. Nicholson. Address Evg. Post.

WANTED, Accordion, Fibre-top and Fittings; second-hand or new; P.O. Box 1444.

WANTED to Buy, cheap, English Motor-cycle, 4½; A.J.S. preferred. 1074, Evg. Post.

BUYERS available for Houses and Sections; list your properties with Whitwell, Young, and Co.

NEW Model Car or Electric Cooker; Private buyer. Particulars to 1082, Evg. Post, or Tel. 44-472.

"HONOUR BRIGHT." Open Markets, Houses, Stocks, cheap, for one day; 10 tons. Tel. 43-862.

WANTED, Boy's Bicycle, 24-inch frame; in good order. 24, Kent-ter.

BROOKLYN (City side).—Bungalow, 4 rooms, kitchenette, modern; Govt. mortgage; deposit £100; genuine buyer. Apply 957, Evg. Post.

FOR client, 4-5 rd. House, Hataitai, or City; moderate deposit. Apply particulars to E. E. W. Walker, Land Agent, James Smith's Bldgs.

WANTED to Buy, Spinning Wheel. Write 45, Evg. Post.

WE are open to Buy single articles to houses full of Furniture, best cash. Silverstone's, Woolworth Bldgs., Cuba-st.

SEND your Furniture to Silverstone's Big Auction Mart, Cuba-st. Weekly Sales. Accounts paid immediately. Tel. 20-007.

2nd Confectionary Scales and Cash Register; must be cheap. State lowest cash price. 975, Evg. Post.

MINIMISE Motor-cycle, good order. State particulars and price, cash or terms. Write 247, Evg. Post.

CIGARETTE Coupons, Players, any quantity. Apply McKenzie, 131, Manners-st.

FURNITURE, between 12-2 p.m. Tel. 43-891.

SIX Pedigree Jersey Cows, single or on, not second; or third calvers preferred. State the March in June; must be guaranteed sound. 1004, Evg. Post.

ENGLISH, one Cow, must be in good order and cheap; state price. Reply 863, Evg. Post.

PLATEN Printing Machine, also Used Type; Cases, etc.; nothing too small. Particulars and price to G.P.O. Box 444, City.

LOEWE Dental station Wireless Valve (late 3 pin), required; state price. Tel. 20-300.

MILLING Machine, in good order, Apply G.P.O. Box 1164.

USED Tires and Tubes; car, or will trade for new. London, Adelaide-rd.

KINGSWAY LTD, Auctioneers, require Second-hand Furniture, Carpets; top prices. 43-870.

WANTED to Buy, Gent's Cycle; cash, etc. Ring 40-872, or call 78, Lambton-qy.

MOTORISTS.—We are Cash Buyers for all makes of Cars at our Showrooms. Independent Motors, 134, Wakefield-st.

OLD Gold and Jewellery bought. Expert appraisals and Wedding Rings supplied, Dental, Jeweller. 4, Willis-st. Tel. 53-767.

WANTED to Buy, for cash, Ladies' and Gents' Superior Left-off Clothing, Boots, Shoes, Travelling Bags, etc. Woodward's, 120, Vivian-st. Tel. 51-763.

PROPERTY OWNERS. SYNDICATE will buy Cheap House Properties, anywhere. Write, giving full particulars. Reply to Secretary, Box 1454.
